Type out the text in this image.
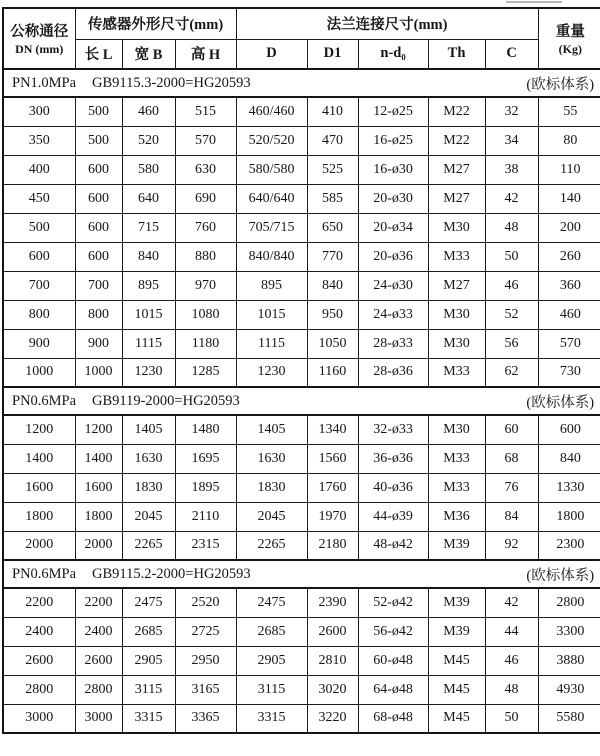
公称通径
DN (mm)
	传感器外形尺寸(mm)	法兰连接尺寸(mm)	重量
(Kg)

	长 L	宽 B	高 H	D	D1	n-d₀	Th	C	

PN1.0MPa GB9115.3-2000=HG20593 (欧标体系)									

300	500	460	515	460/460	410	12-ø25	M22	32	55
350	500	520	570	520/520	470	16-ø25	M22	34	80
400	600	580	630	580/580	525	16-ø30	M27	38	110
450	600	640	690	640/640	585	20-ø30	M27	42	140
500	600	715	760	705/715	650	20-ø34	M30	48	200
600	600	840	880	840/840	770	20-ø36	M33	50	260
700	700	895	970	895	840	24-ø30	M27	46	360
800	800	1015	1080	1015	950	24-ø33	M30	52	460
900	900	1115	1180	1115	1050	28-ø33	M30	56	570
1000	1000	1230	1285	1230	1160	28-ø36	M33	62	730

PN0.6MPa GB9119-2000=HG20593 (欧标体系)									

1200	1200	1405	1480	1405	1340	32-ø33	M30	60	600
1400	1400	1630	1695	1630	1560	36-ø36	M33	68	840
1600	1600	1830	1895	1830	1760	40-ø36	M33	76	1330
1800	1800	2045	2110	2045	1970	44-ø39	M36	84	1800
2000	2000	2265	2315	2265	2180	48-ø42	M39	92	2300

PN0.6MPa GB9115.2-2000=HG20593 (欧标体系)									

2200	2200	2475	2520	2475	2390	52-ø42	M39	42	2800
2400	2400	2685	2725	2685	2600	56-ø42	M39	44	3300
2600	2600	2905	2950	2905	2810	60-ø48	M45	46	3880
2800	2800	3115	3165	3115	3020	64-ø48	M45	48	4930
3000	3000	3315	3365	3315	3220	68-ø48	M45	50	5580
